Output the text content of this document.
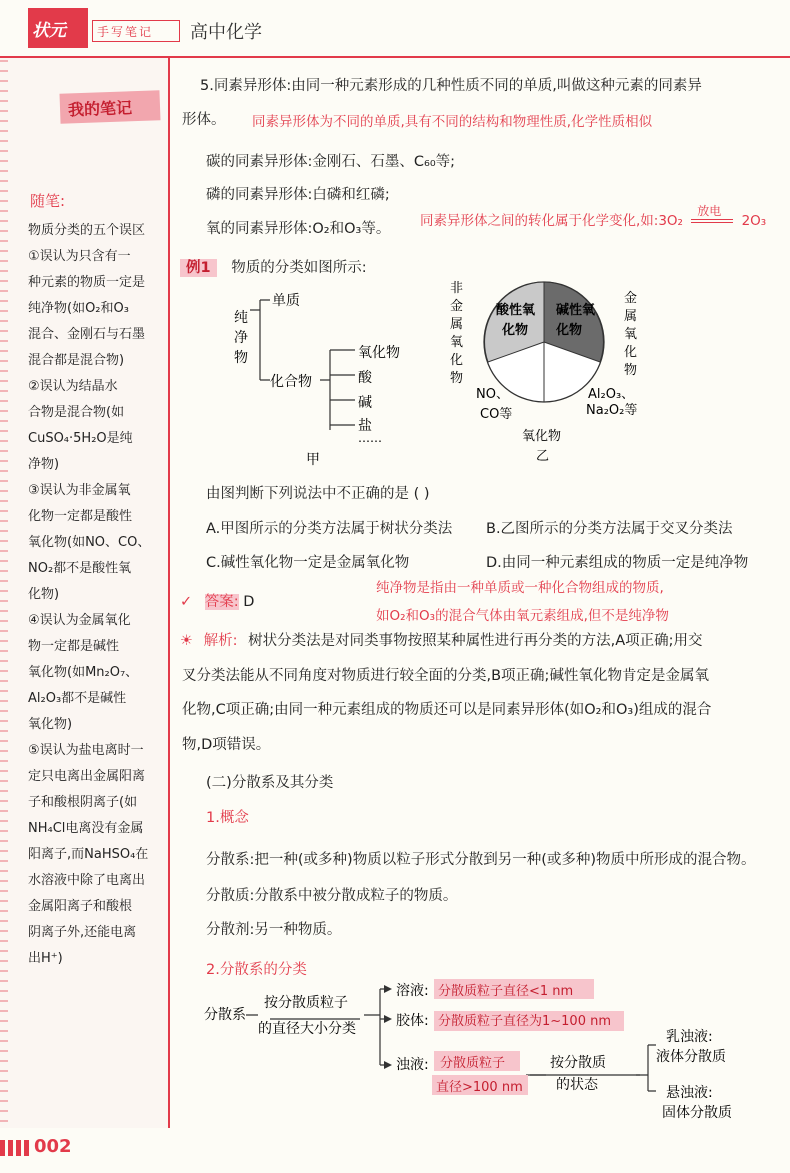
状元	手写笔记	高中化学
我的笔记
随笔:

物质分类的五个误区

①误认为只含有一

种元素的物质一定是

纯净物(如O₂和O₃

混合、金刚石与石墨

混合都是混合物)

②误认为结晶水

合物是混合物(如

CuSO₄·5H₂O是纯

净物)

③误认为非金属氧

化物一定都是酸性

氧化物(如NO、CO、

NO₂都不是酸性氧

化物)

④误认为金属氧化

物一定都是碱性

氧化物(如Mn₂O₇、

Al₂O₃都不是碱性

氧化物)

⑤误认为盐电离时一

定只电离出金属阳离

子和酸根阴离子(如

NH₄Cl电离没有金属

阳离子,而NaHSO₄在

水溶液中除了电离出

金属阳离子和酸根

阴离子外,还能电离

出H⁺)

5.同素异形体:由同一种元素形成的几种性质不同的单质,叫做这种元素的同素异
形体。 同素异形体为不同的单质,具有不同的结构和物理性质,化学性质相似
碳的同素异形体:金刚石、石墨、C₆₀等;
磷的同素异形体:白磷和红磷;
氧的同素异形体:O₂和O₃等。 同素异形体之间的转化属于化学变化,如:3O₂
放电
2O₃
例1 物质的分类如图所示:
纯
净
物
单质
化合物
氧化物
酸
碱
盐
……
甲
酸性氧
化物
碱性氧
化物
非
金
属
氧
化
物
金
属
氧
化
物
NO、
CO等
Al₂O₃、
Na₂O₂等
氧化物
乙
由图判断下列说法中不正确的是 ( )
A.甲图所示的分类方法属于树状分类法 B.乙图所示的分类方法属于交叉分类法
C.碱性氧化物一定是金属氧化物	D.由同一种元素组成的物质一定是纯净物
纯净物是指由一种单质或一种化合物组成的物质,
如O₂和O₃的混合气体由氧元素组成,但不是纯净物
✓ 答案: D
☀ 解析: 树状分类法是对同类事物按照某种属性进行再分类的方法,A项正确;用交
叉分类法能从不同角度对物质进行较全面的分类,B项正确;碱性氧化物肯定是金属氧
化物,C项正确;由同一种元素组成的物质还可以是同素异形体(如O₂和O₃)组成的混合
物,D项错误。
(二)分散系及其分类
1.概念
分散系:把一种(或多种)物质以粒子形式分散到另一种(或多种)物质中所形成的混合物。
分散质:分散系中被分散成粒子的物质。
分散剂:另一种物质。
2.分散系的分类
分散系
按分散质粒子
的直径大小分类
溶液: 分散质粒子直径<1 nm
胶体: 分散质粒子直径为1~100 nm
浊液: 分散质粒子
直径>100 nm
按分散质
的状态
乳浊液:
液体分散质
悬浊液:
固体分散质
002
